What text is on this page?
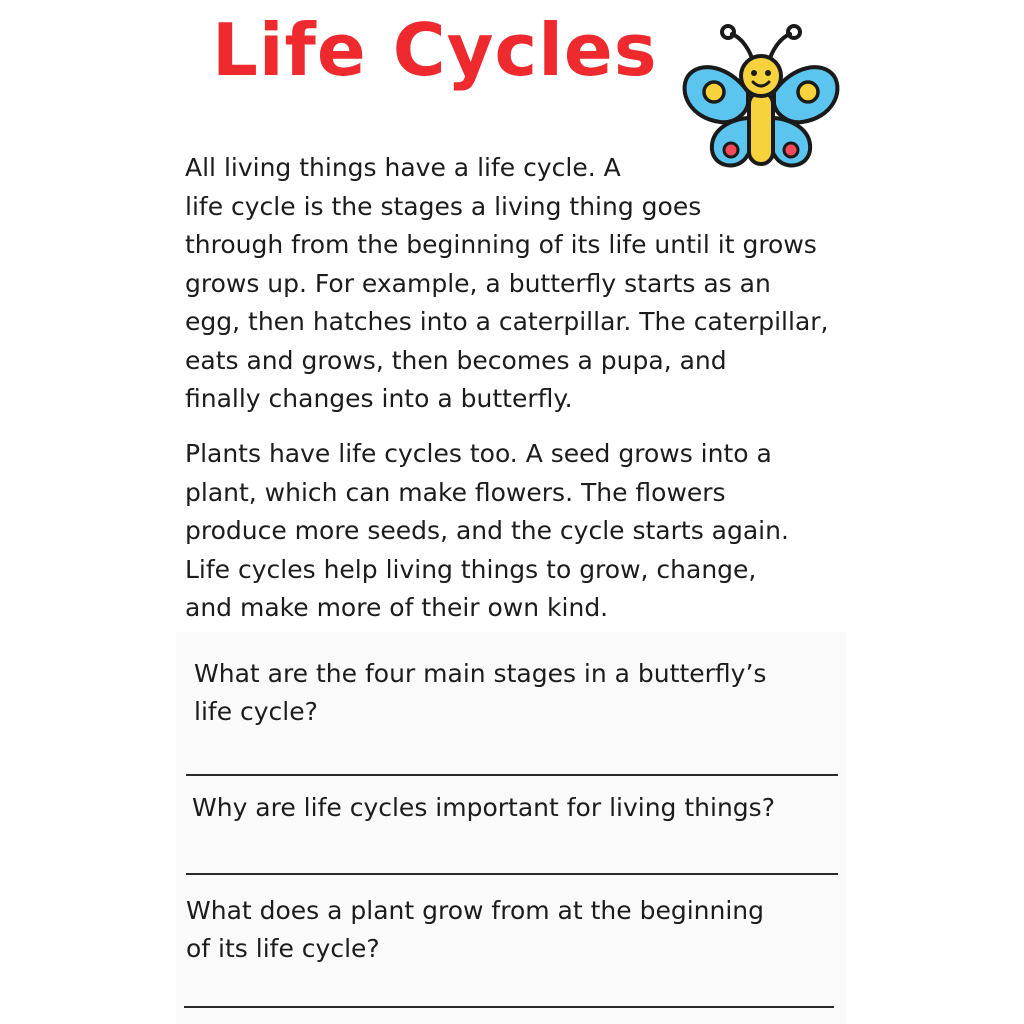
Life Cycles

All living things have a life cycle. A
life cycle is the stages a living thing goes
through from the beginning of its life until it grows
grows up. For example, a butterfly starts as an
egg, then hatches into a caterpillar. The caterpillar,
eats and grows, then becomes a pupa, and
finally changes into a butterfly.

Plants have life cycles too. A seed grows into a
plant, which can make flowers. The flowers
produce more seeds, and the cycle starts again.
Life cycles help living things to grow, change,
and make more of their own kind.

What are the four main stages in a butterfly’s
life cycle?

Why are life cycles important for living things?

What does a plant grow from at the beginning
of its life cycle?
